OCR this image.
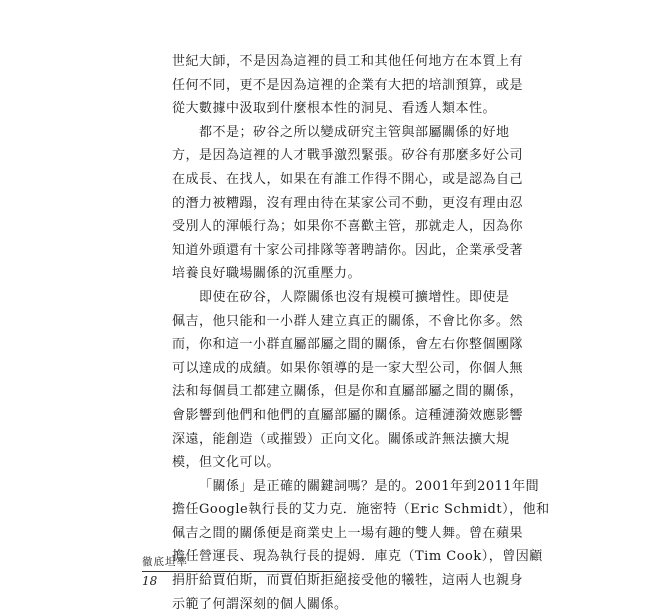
世紀大師，不是因為這裡的員工和其他任何地方在本質上有
任何不同，更不是因為這裡的企業有大把的培訓預算，或是
從大數據中汲取到什麼根本性的洞見、看透人類本性。

都不是；矽谷之所以變成研究主管與部屬關係的好地
方，是因為這裡的人才戰爭激烈緊張。矽谷有那麼多好公司
在成長、在找人，如果在有誰工作得不開心，或是認為自己
的潛力被糟蹋，沒有理由待在某家公司不動，更沒有理由忍
受別人的渾帳行為；如果你不喜歡主管，那就走人，因為你
知道外頭還有十家公司排隊等著聘請你。因此，企業承受著
培養良好職場關係的沉重壓力。

即使在矽谷，人際關係也沒有規模可擴增性。即使是
佩吉，他只能和一小群人建立真正的關係，不會比你多。然
而，你和這一小群直屬部屬之間的關係，會左右你整個團隊
可以達成的成績。如果你領導的是一家大型公司，你個人無
法和每個員工都建立關係，但是你和直屬部屬之間的關係，
會影響到他們和他們的直屬部屬的關係。這種漣漪效應影響
深遠，能創造（或摧毀）正向文化。關係或許無法擴大規
模，但文化可以。

「關係」是正確的關鍵詞嗎？是的。2001年到2011年間
擔任Google執行長的艾力克．施密特（Eric Schmidt），他和
佩吉之間的關係便是商業史上一場有趣的雙人舞。曾在蘋果
擔任營運長、現為執行長的提姆．庫克（Tim Cook），曾因顧
捐肝給賈伯斯，而賈伯斯拒絕接受他的犧牲，這兩人也親身
示範了何謂深刻的個人關係。

徹底坦率
18
